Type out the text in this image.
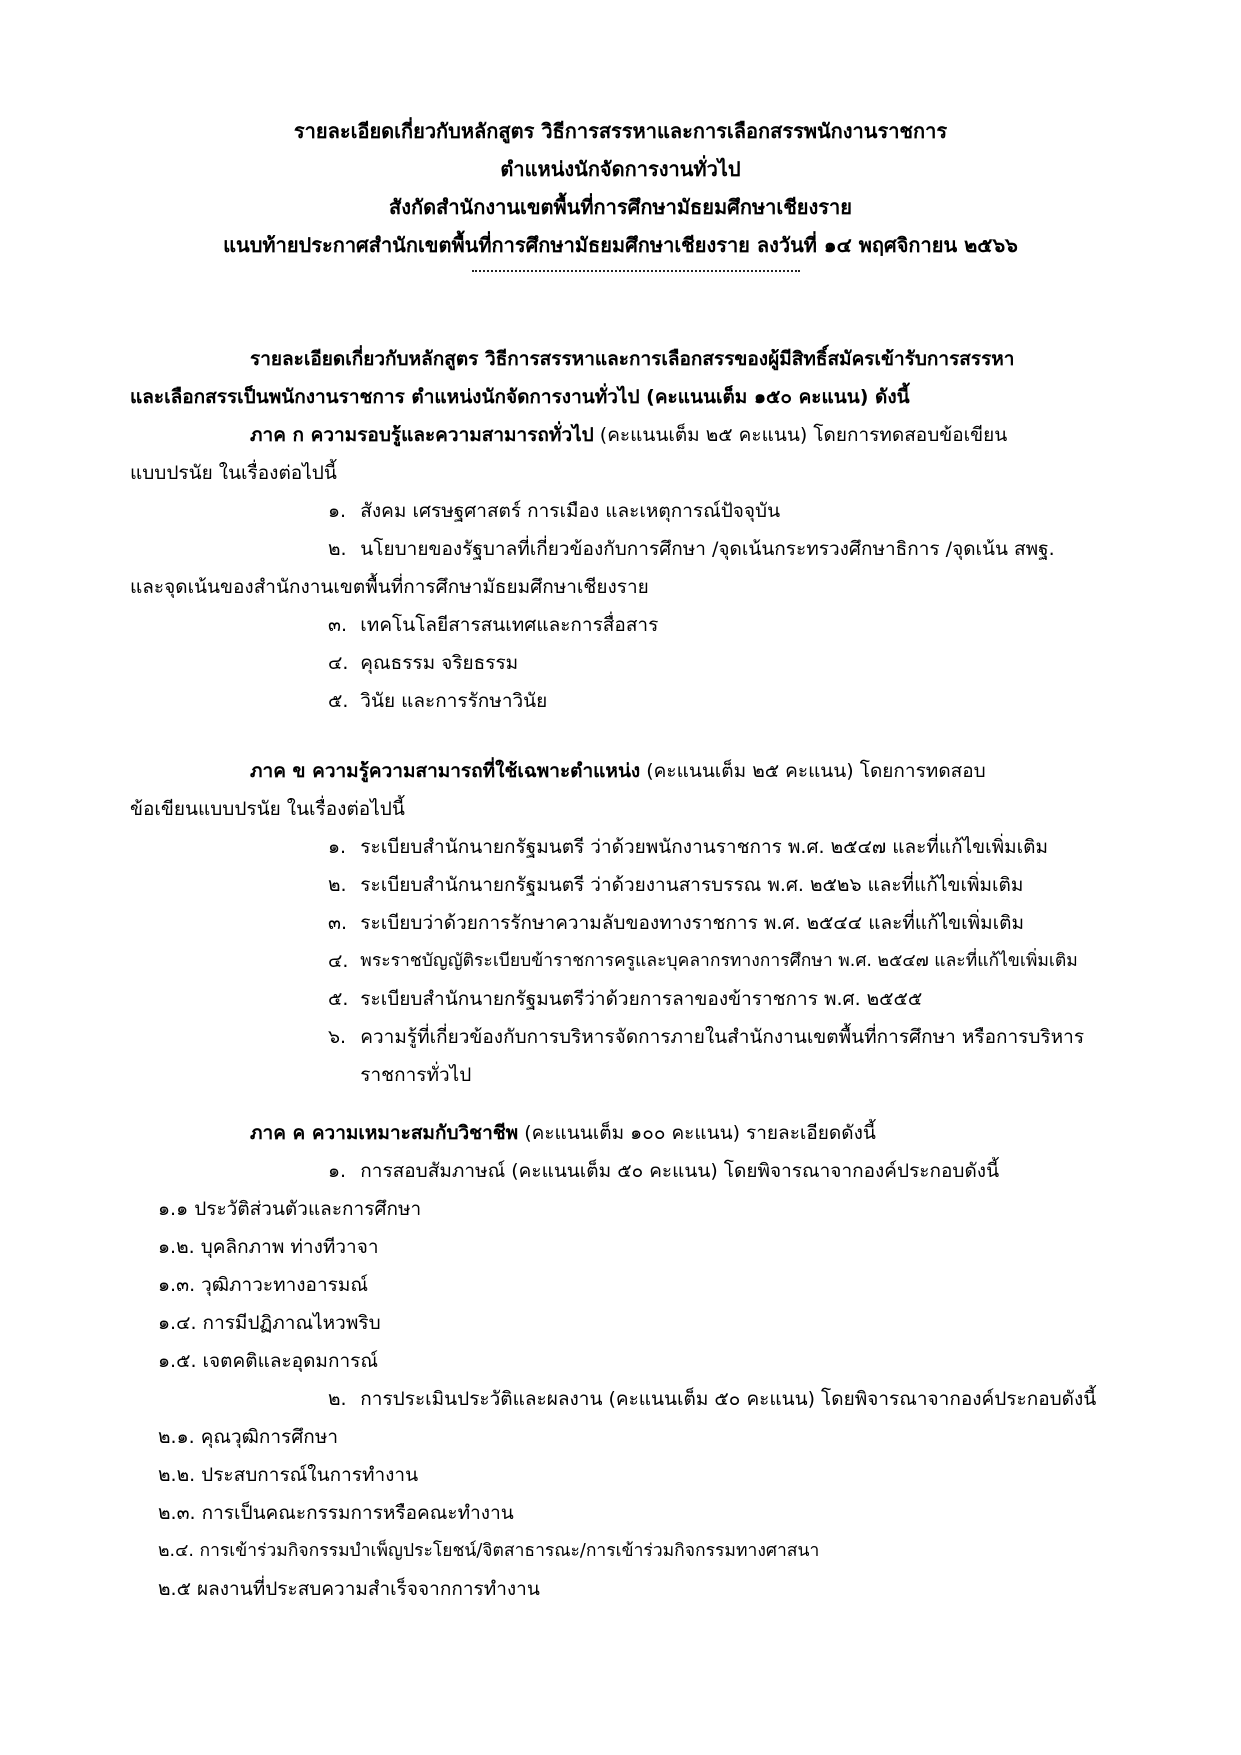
รายละเอียดเกี่ยวกับหลักสูตร วิธีการสรรหาและการเลือกสรรพนักงานราชการ
ตำแหน่งนักจัดการงานทั่วไป
สังกัดสำนักงานเขตพื้นที่การศึกษามัธยมศึกษาเชียงราย
แนบท้ายประกาศสำนักเขตพื้นที่การศึกษามัธยมศึกษาเชียงราย ลงวันที่ ๑๔ พฤศจิกายน ๒๕๖๖
รายละเอียดเกี่ยวกับหลักสูตร วิธีการสรรหาและการเลือกสรรของผู้มีสิทธิ์สมัครเข้ารับการสรรหา
และเลือกสรรเป็นพนักงานราชการ ตำแหน่งนักจัดการงานทั่วไป (คะแนนเต็ม ๑๕๐ คะแนน) ดังนี้
ภาค ก ความรอบรู้และความสามารถทั่วไป (คะแนนเต็ม ๒๕ คะแนน) โดยการทดสอบข้อเขียน
แบบปรนัย ในเรื่องต่อไปนี้
๑. สังคม เศรษฐศาสตร์ การเมือง และเหตุการณ์ปัจจุบัน
๒. นโยบายของรัฐบาลที่เกี่ยวข้องกับการศึกษา /จุดเน้นกระทรวงศึกษาธิการ /จุดเน้น สพฐ.
และจุดเน้นของสำนักงานเขตพื้นที่การศึกษามัธยมศึกษาเชียงราย
๓. เทคโนโลยีสารสนเทศและการสื่อสาร
๔. คุณธรรม จริยธรรม
๕. วินัย และการรักษาวินัย
ภาค ข ความรู้ความสามารถที่ใช้เฉพาะตำแหน่ง (คะแนนเต็ม ๒๕ คะแนน) โดยการทดสอบ
ข้อเขียนแบบปรนัย ในเรื่องต่อไปนี้
๑. ระเบียบสำนักนายกรัฐมนตรี ว่าด้วยพนักงานราชการ พ.ศ. ๒๕๔๗ และที่แก้ไขเพิ่มเติม
๒. ระเบียบสำนักนายกรัฐมนตรี ว่าด้วยงานสารบรรณ พ.ศ. ๒๕๒๖ และที่แก้ไขเพิ่มเติม
๓. ระเบียบว่าด้วยการรักษาความลับของทางราชการ พ.ศ. ๒๕๔๔ และที่แก้ไขเพิ่มเติม
๔. พระราชบัญญัติระเบียบข้าราชการครูและบุคลากรทางการศึกษา พ.ศ. ๒๕๔๗ และที่แก้ไขเพิ่มเติม
๕. ระเบียบสำนักนายกรัฐมนตรีว่าด้วยการลาของข้าราชการ พ.ศ. ๒๕๕๕
๖. ความรู้ที่เกี่ยวข้องกับการบริหารจัดการภายในสำนักงานเขตพื้นที่การศึกษา หรือการบริหาร
ราชการทั่วไป
ภาค ค ความเหมาะสมกับวิชาชีพ (คะแนนเต็ม ๑๐๐ คะแนน) รายละเอียดดังนี้
๑. การสอบสัมภาษณ์ (คะแนนเต็ม ๕๐ คะแนน) โดยพิจารณาจากองค์ประกอบดังนี้
๑.๑ ประวัติส่วนตัวและการศึกษา
๑.๒. บุคลิกภาพ ท่างทีวาจา
๑.๓. วุฒิภาวะทางอารมณ์
๑.๔. การมีปฏิภาณไหวพริบ
๑.๕. เจตคติและอุดมการณ์
๒. การประเมินประวัติและผลงาน (คะแนนเต็ม ๕๐ คะแนน) โดยพิจารณาจากองค์ประกอบดังนี้
๒.๑. คุณวุฒิการศึกษา
๒.๒. ประสบการณ์ในการทำงาน
๒.๓. การเป็นคณะกรรมการหรือคณะทำงาน
๒.๔. การเข้าร่วมกิจกรรมบำเพ็ญประโยชน์/จิตสาธารณะ/การเข้าร่วมกิจกรรมทางศาสนา
๒.๕ ผลงานที่ประสบความสำเร็จจากการทำงาน
